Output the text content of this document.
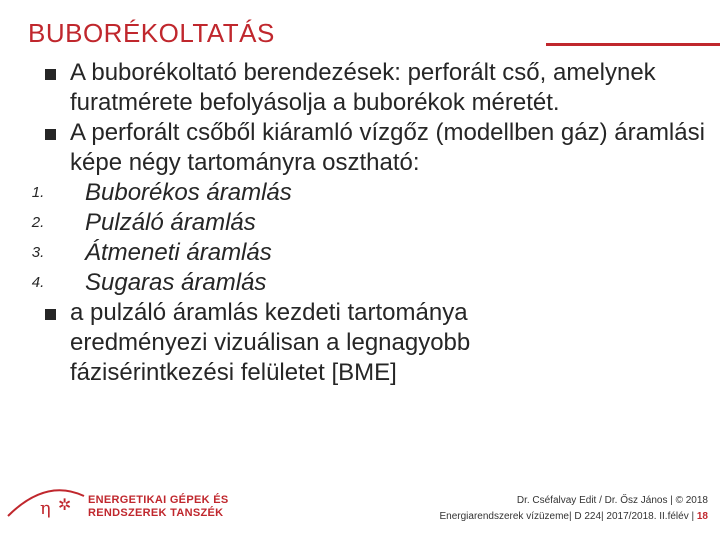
BUBORÉKOLTATÁS
A buborékoltató berendezések: perforált cső, amelynek furatmérete befolyásolja a buborékok méretét.
A perforált csőből kiáramló vízgőz (modellben gáz) áramlási képe négy tartományra osztható:
1. Buborékos áramlás
2. Pulzáló áramlás
3. Átmeneti áramlás
4. Sugaras áramlás
a pulzáló áramlás kezdeti tartománya eredményezi vizuálisan a legnagyobb fázisérintkezési felületet [BME]
η ✲ ENERGETIKAI GÉPEK ÉS
RENDSZEREK TANSZÉK
Dr. Cséfalvay Edit / Dr. Ősz János | © 2018
Energiarendszerek vízüzeme| D 224| 2017/2018. II.félév | 18
